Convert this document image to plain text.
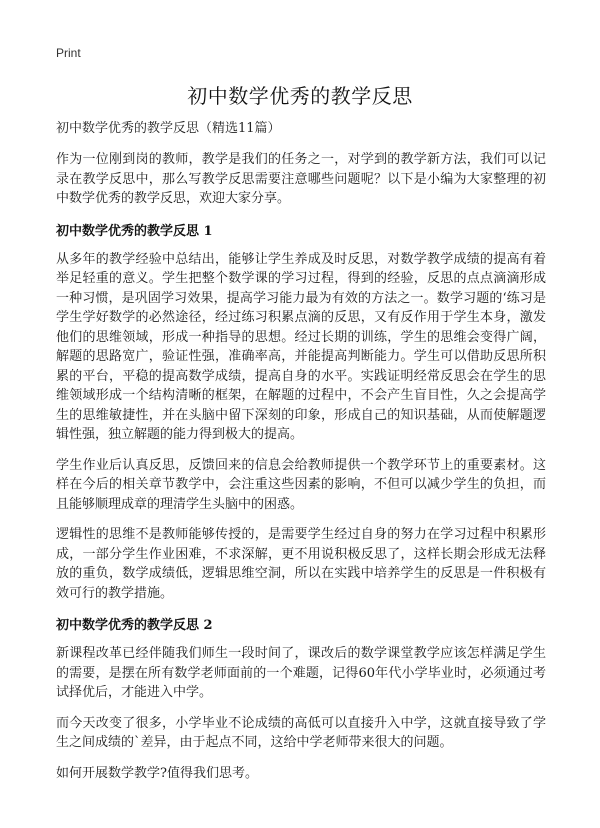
Print
初中数学优秀的教学反思
初中数学优秀的教学反思（精选11篇）

作为一位刚到岗的教师，教学是我们的任务之一，对学到的教学新方法，我们可以记录在教学反思中，那么写教学反思需要注意哪些问题呢？以下是小编为大家整理的初中数学优秀的教学反思，欢迎大家分享。

初中数学优秀的教学反思 1

从多年的教学经验中总结出，能够让学生养成及时反思，对数学教学成绩的提高有着举足轻重的意义。学生把整个数学课的学习过程，得到的经验，反思的点点滴滴形成一种习惯，是巩固学习效果，提高学习能力最为有效的方法之一。数学习题的‘练习是学生学好数学的必然途径，经过练习积累点滴的反思，又有反作用于学生本身，激发他们的思维领域，形成一种指导的思想。经过长期的训练，学生的思维会变得广阔，解题的思路宽广，验证性强，准确率高，并能提高判断能力。学生可以借助反思所积累的平台，平稳的提高数学成绩，提高自身的水平。实践证明经常反思会在学生的思维领域形成一个结构清晰的框架，在解题的过程中，不会产生盲目性，久之会提高学生的思维敏捷性，并在头脑中留下深刻的印象，形成自己的知识基础，从而使解题逻辑性强，独立解题的能力得到极大的提高。

学生作业后认真反思，反馈回来的信息会给教师提供一个教学环节上的重要素材。这样在今后的相关章节教学中，会注重这些因素的影响，不但可以减少学生的负担，而且能够顺理成章的理清学生头脑中的困惑。

逻辑性的思维不是教师能够传授的，是需要学生经过自身的努力在学习过程中积累形成，一部分学生作业困难，不求深解，更不用说积极反思了，这样长期会形成无法释放的重负，数学成绩低，逻辑思维空洞，所以在实践中培养学生的反思是一件积极有效可行的教学措施。

初中数学优秀的教学反思 2

新课程改革已经伴随我们师生一段时间了，课改后的数学课堂教学应该怎样满足学生的需要，是摆在所有数学老师面前的一个难题，记得60年代小学毕业时，必须通过考试择优后，才能进入中学。

而今天改变了很多，小学毕业不论成绩的高低可以直接升入中学，这就直接导致了学生之间成绩的`差异，由于起点不同，这给中学老师带来很大的问题。

如何开展数学教学?值得我们思考。
